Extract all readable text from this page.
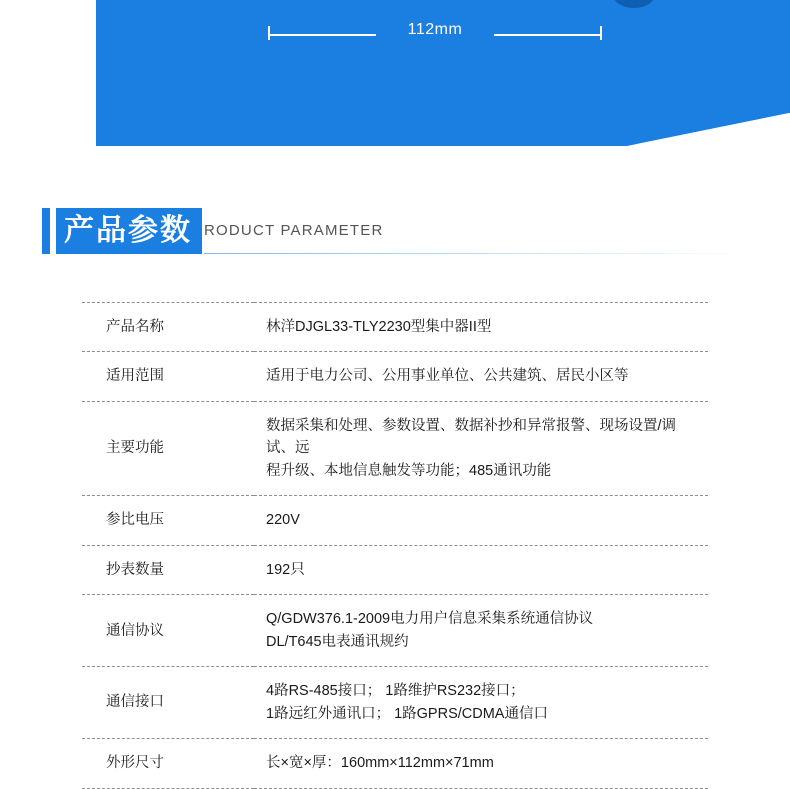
112mm
产品参数 RODUCT PARAMETER
产品名称	林洋DJGL33-TLY2230型集中器II型

适用范围	适用于电力公司、公用事业单位、公共建筑、居民小区等

主要功能	数据采集和处理、参数设置、数据补抄和异常报警、现场设置/调试、远
程升级、本地信息触发等功能；485通讯功能

参比电压	220V

抄表数量	192只

通信协议	Q/GDW376.1-2009电力用户信息采集系统通信协议
DL/T645电表通讯规约

通信接口	4路RS-485接口； 1路维护RS232接口；
1路远红外通讯口； 1路GPRS/CDMA通信口

外形尺寸	长×宽×厚：160mm×112mm×71mm
